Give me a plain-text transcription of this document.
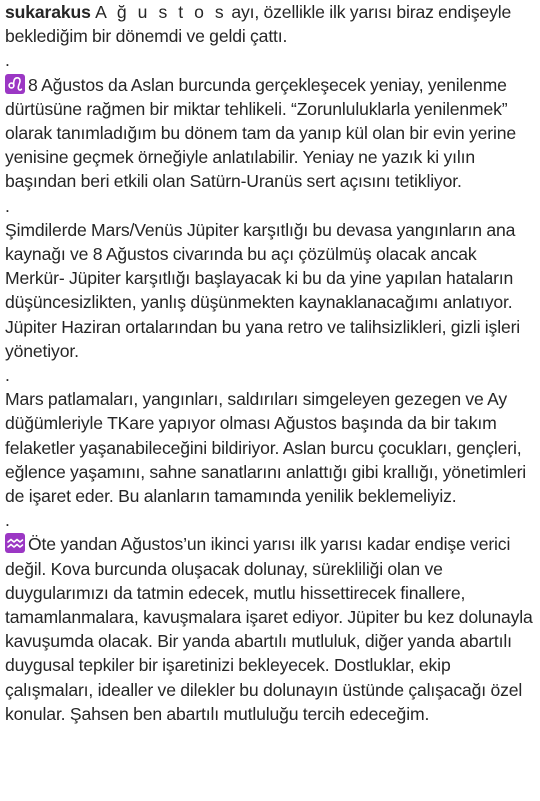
sukarakus A ğ u s t o s ayı, özellikle ilk yarısı biraz endişeyle beklediğim bir dönemdi ve geldi çattı.

.

8 Ağustos da Aslan burcunda gerçekleşecek yeniay, yenilenme dürtüsüne rağmen bir miktar tehlikeli. “Zorunluluklarla yenilenmek” olarak tanımladığım bu dönem tam da yanıp kül olan bir evin yerine yenisine geçmek örneğiyle anlatılabilir. Yeniay ne yazık ki yılın başından beri etkili olan Satürn-Uranüs sert açısını tetikliyor.

.

Şimdilerde Mars/Venüs Jüpiter karşıtlığı bu devasa yangınların ana kaynağı ve 8 Ağustos civarında bu açı çözülmüş olacak ancak Merkür- Jüpiter karşıtlığı başlayacak ki bu da yine yapılan hataların düşüncesizlikten, yanlış düşünmekten kaynaklanacağımı anlatıyor. Jüpiter Haziran ortalarından bu yana retro ve talihsizlikleri, gizli işleri yönetiyor.

.

Mars patlamaları, yangınları, saldırıları simgeleyen gezegen ve Ay düğümleriyle TKare yapıyor olması Ağustos başında da bir takım felaketler yaşanabileceğini bildiriyor. Aslan burcu çocukları, gençleri, eğlence yaşamını, sahne sanatlarını anlattığı gibi krallığı, yönetimleri de işaret eder. Bu alanların tamamında yenilik beklemeliyiz.

.

Öte yandan Ağustos’un ikinci yarısı ilk yarısı kadar endişe verici değil. Kova burcunda oluşacak dolunay, sürekliliği olan ve duygularımızı da tatmin edecek, mutlu hissettirecek finallere, tamamlanmalara, kavuşmalara işaret ediyor. Jüpiter bu kez dolunayla kavuşumda olacak. Bir yanda abartılı mutluluk, diğer yanda abartılı duygusal tepkiler bir işaretinizi bekleyecek. Dostluklar, ekip çalışmaları, idealler ve dilekler bu dolunayın üstünde çalışacağı özel konular. Şahsen ben abartılı mutluluğu tercih edeceğim.
